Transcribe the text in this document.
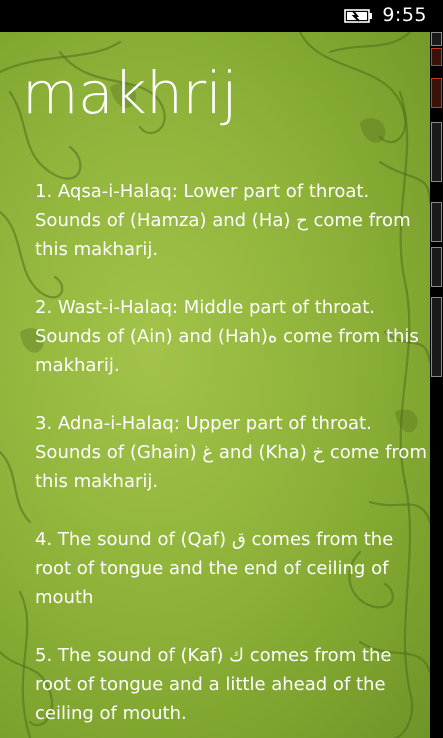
9:55
makhrij

1. Aqsa-i-Halaq: Lower part of throat. Sounds of (Hamza) and (Ha) ح come from this makharij.

2. Wast-i-Halaq: Middle part of throat. Sounds of (Ain) and (Hah)ه come from this makharij.

3. Adna-i-Halaq: Upper part of throat. Sounds of (Ghain) غ and (Kha) خ come from this makharij.

4. The sound of (Qaf) ق comes from the root of tongue and the end of ceiling of mouth

5. The sound of (Kaf) ك comes from the root of tongue and a little ahead of the ceiling of mouth.
